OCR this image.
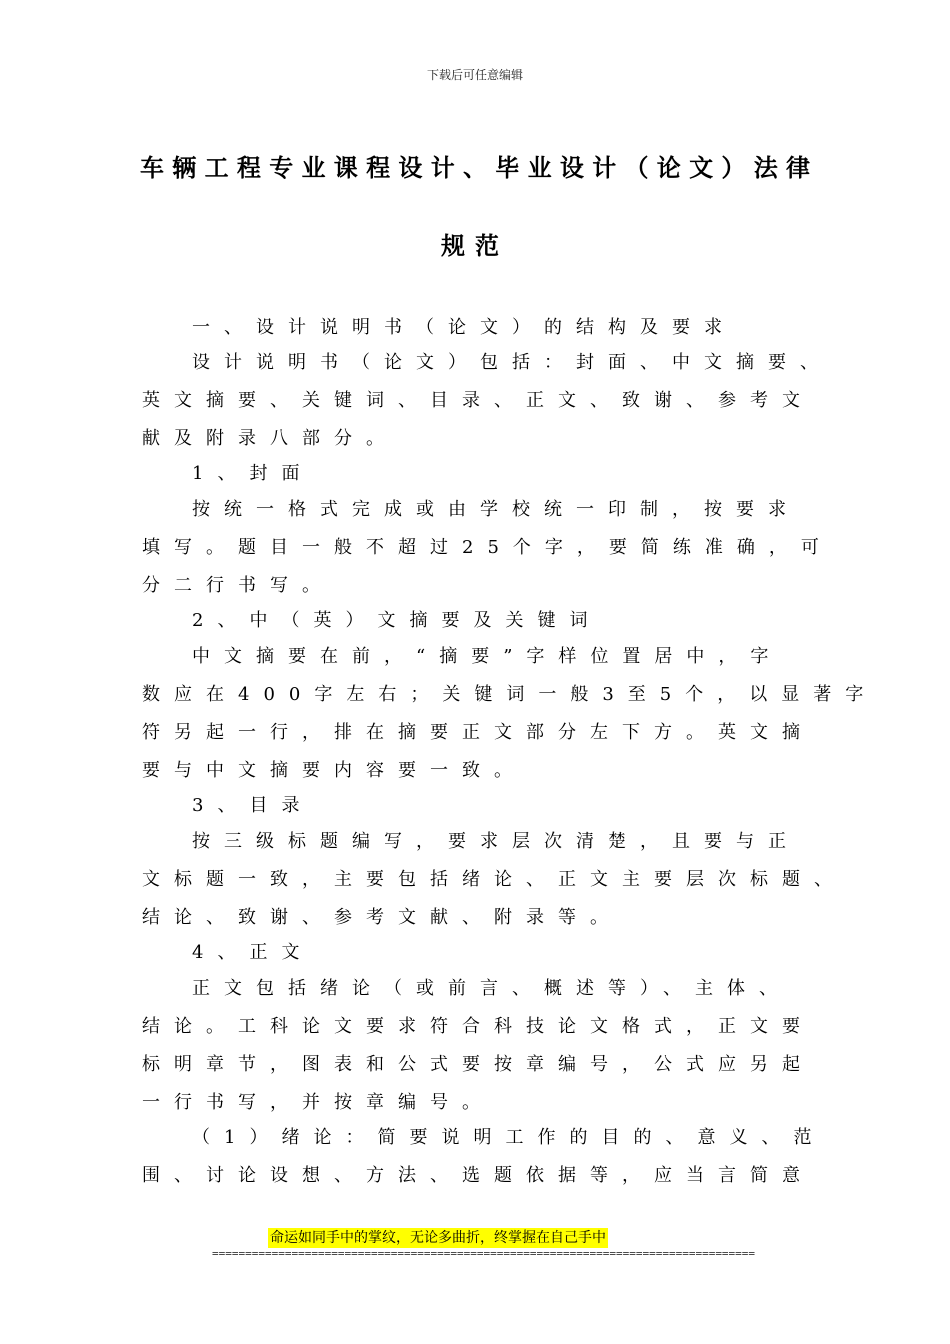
下载后可任意编辑
车辆工程专业课程设计、毕业设计（论文）法律
规范
一、设计说明书（论文）的结构及要求
设计说明书（论文）包括：封面、中文摘要、
英文摘要、关键词、目录、正文、致谢、参考文
献及附录八部分。
1、封面
按统一格式完成或由学校统一印制，按要求
填写。题目一般不超过25个字，要简练准确，可
分二行书写。
2、中（英）文摘要及关键词
中文摘要在前，“摘要”字样位置居中，字
数应在400字左右；关键词一般3至5个，以显著字
符另起一行，排在摘要正文部分左下方。英文摘
要与中文摘要内容要一致。
3、目录
按三级标题编写，要求层次清楚，且要与正
文标题一致，主要包括绪论、正文主要层次标题、
结论、致谢、参考文献、附录等。
4、正文
正文包括绪论（或前言、概述等）、主体、
结论。工科论文要求符合科技论文格式，正文要
标明章节，图表和公式要按章编号，公式应另起
一行书写，并按章编号。
（1）绪论：简要说明工作的目的、意义、范
围、讨论设想、方法、选题依据等，应当言简意
命运如同手中的掌纹，无论多曲折，终掌握在自己手中
==================================================================================
